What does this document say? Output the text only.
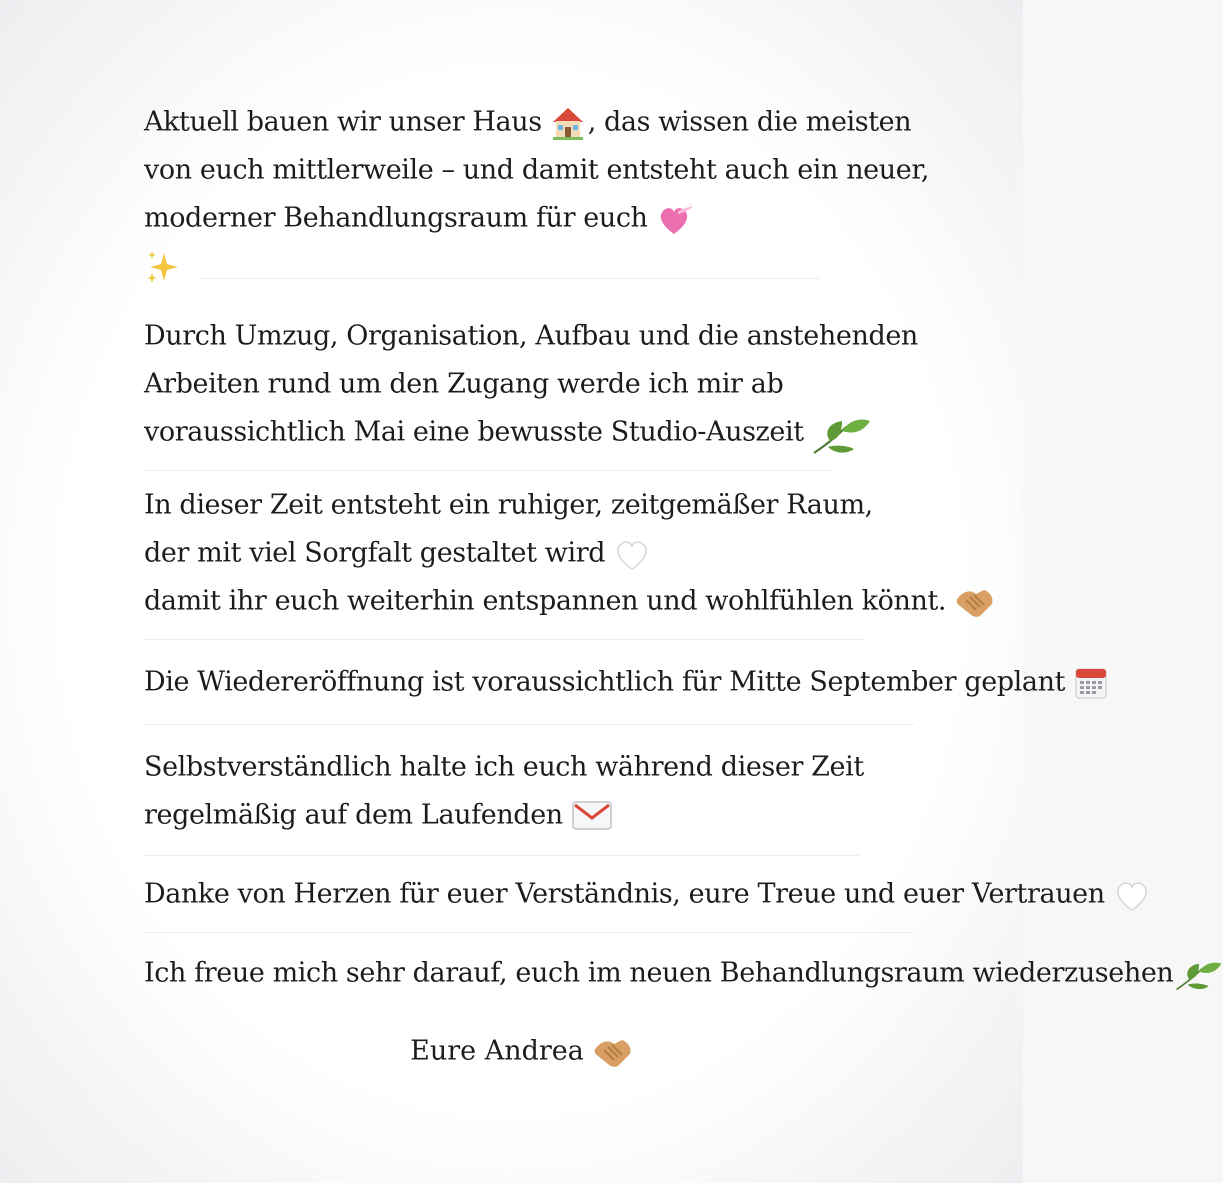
Aktuell bauen wir unser Haus , das wissen die meisten
von euch mittlerweile – und damit entsteht auch ein neuer,
moderner Behandlungsraum für euch
Durch Umzug, Organisation, Aufbau und die anstehenden
Arbeiten rund um den Zugang werde ich mir ab
voraussichtlich Mai eine bewusste Studio-Auszeit
In dieser Zeit entsteht ein ruhiger, zeitgemäßer Raum,
der mit viel Sorgfalt gestaltet wird
damit ihr euch weiterhin entspannen und wohlfühlen könnt.
Die Wiedereröffnung ist voraussichtlich für Mitte September geplant
Selbstverständlich halte ich euch während dieser Zeit
regelmäßig auf dem Laufenden
Danke von Herzen für euer Verständnis, eure Treue und euer Vertrauen
Ich freue mich sehr darauf, euch im neuen Behandlungsraum wiederzusehen
Eure Andrea
